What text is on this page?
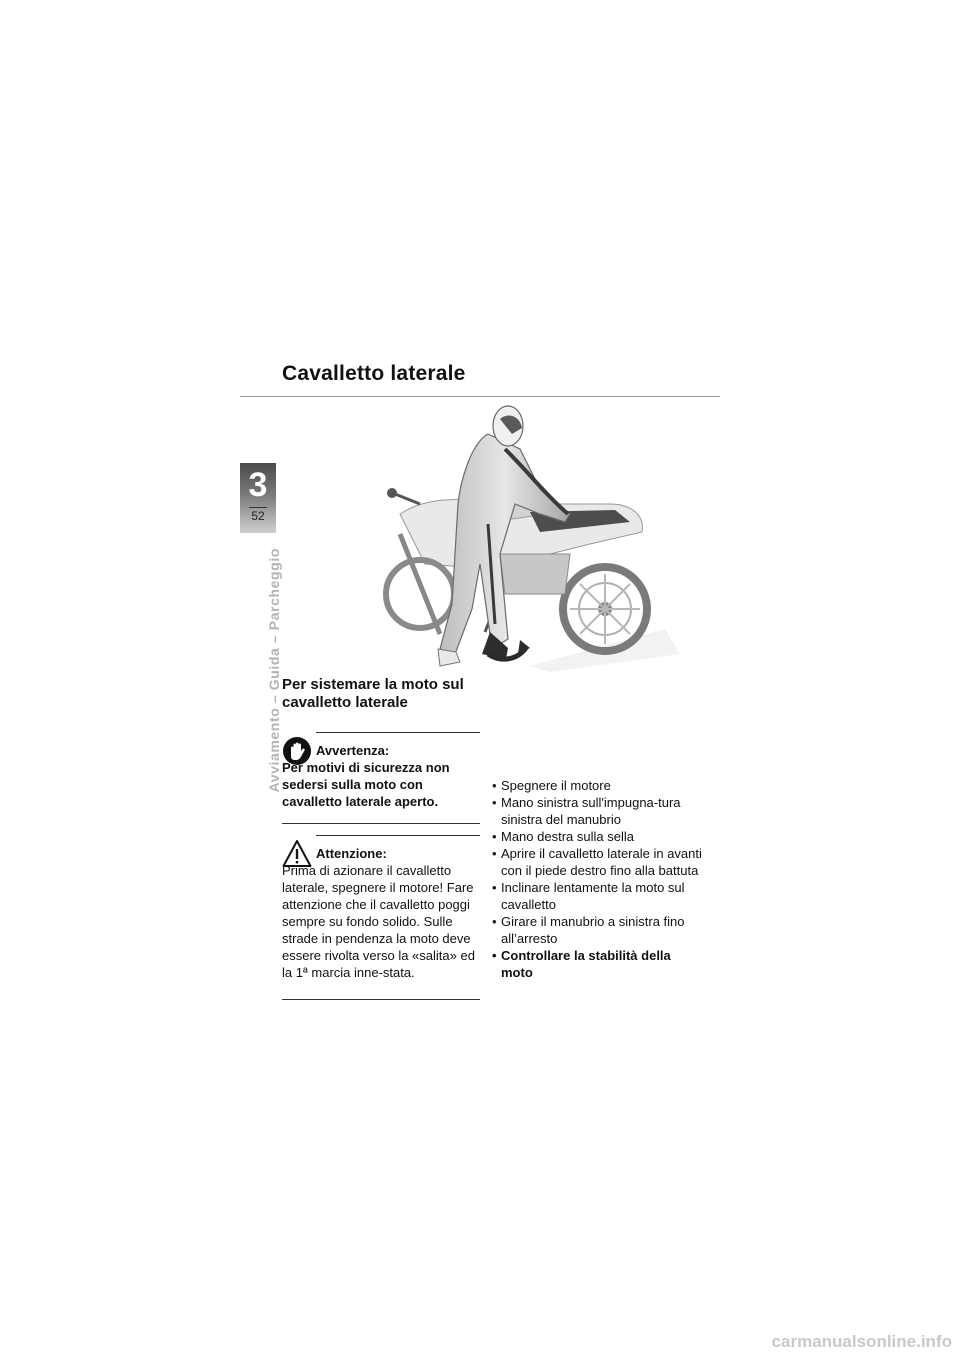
Cavalletto laterale
3
52
Avviamento – Guida – Parcheggio Per sistemare la moto sul cavalletto laterale
Avvertenza:
Per motivi di sicurezza non sedersi sulla moto con cavalletto laterale aperto.
Attenzione:
Prima di azionare il cavalletto laterale, spegnere il motore! Fare attenzione che il cavalletto poggi sempre su fondo solido. Sulle strade in pendenza la moto deve essere rivolta verso la «salita» ed la 1ª marcia inne-stata.
• Spegnere il motore
• Mano sinistra sull'impugna-tura sinistra del manubrio
• Mano destra sulla sella
• Aprire il cavalletto laterale in avanti con il piede destro fino alla battuta
• Inclinare lentamente la moto sul cavalletto
• Girare il manubrio a sinistra fino all’arresto
• Controllare la stabilità della moto
carmanualsonline.info
